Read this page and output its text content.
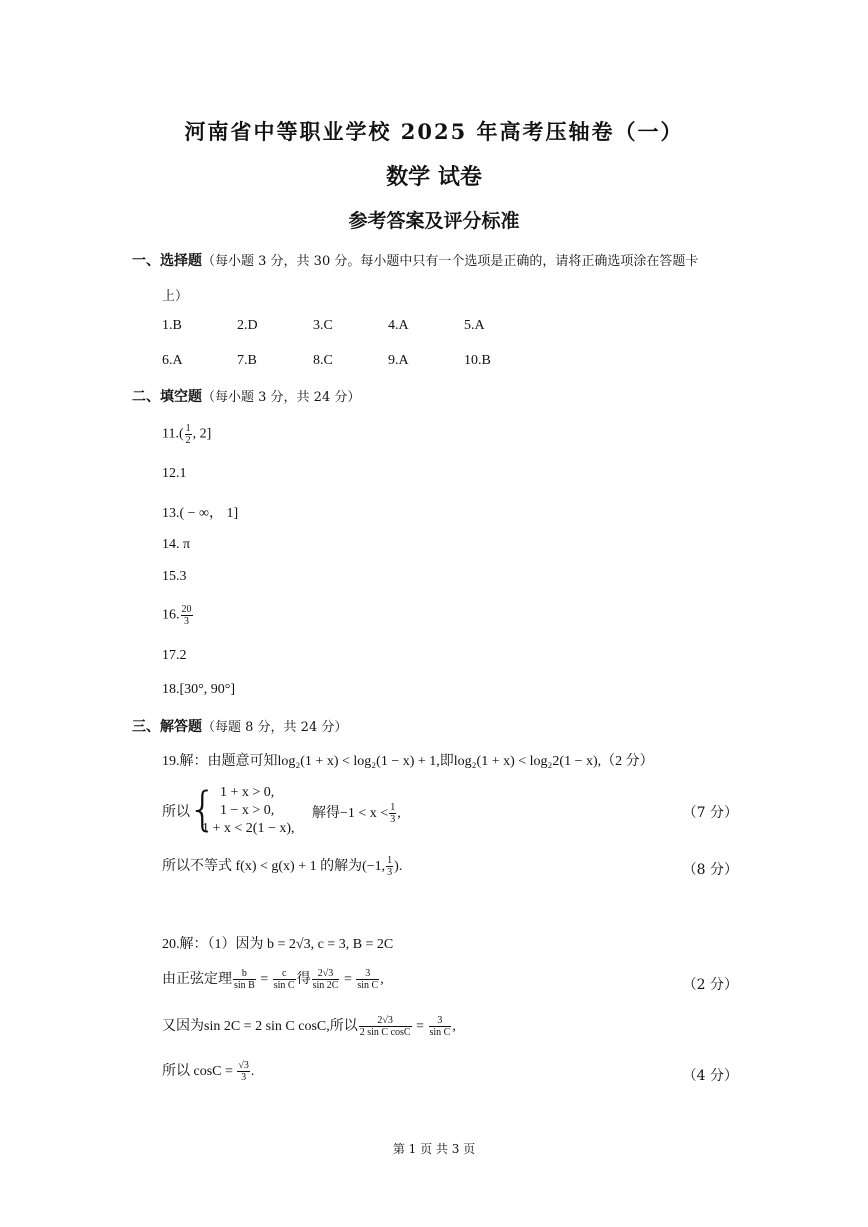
河南省中等职业学校 2025 年高考压轴卷（一）
数学 试卷
参考答案及评分标准
一、选择题（每小题 3 分，共 30 分。每小题中只有一个选项是正确的，请将正确选项涂在答题卡
上）
1.B	2.D	3.C	4.A	5.A
6.A	7.B	8.C	9.A	10.B
二、填空题（每小题 3 分，共 24 分）
$11.( \frac{1}{2}$ , 2]
12.1
13.( − ∞， 1]
14. π
15.3
16. $\frac{20}{3}$
17.2
18.[30°, 90°]
三、解答题（每题 8 分，共 24 分）
19.解：由题意可知log₂(1 + x) < log₂(1 − x) + 1,即log₂(1 + x) < log₂2(1 − x),（2 分）
所以
{ 1 + x > 0,
1 − x > 0,
1 + x < 2(1 − x),
解得$-1 < x < \frac{1}{3}$ ,	（7 分）
所以不等式 f(x) < g(x) + 1 的解为(−1, $\frac{1}{3}$ ).	（8 分）
20.解：（1）因为 b = 2√3, c = 3, B = 2C
由正弦定理 $\frac{b}{\text{sin B}} = \frac{c}{\text{sin C}}$ 得 $\frac{2√3}{\sin 2C} = \frac{3}{\text{sin C}}$ ,	（2 分）
又因为sin 2C = 2 sin C cosC,所以 $\frac{2√3}{\text{2 sin C cosC}} = \frac{3}{\text{sin C}}$ ,
所以 $\cos C = \frac{√3}{3}$ .	（4 分）
第 1 页 共 3 页
